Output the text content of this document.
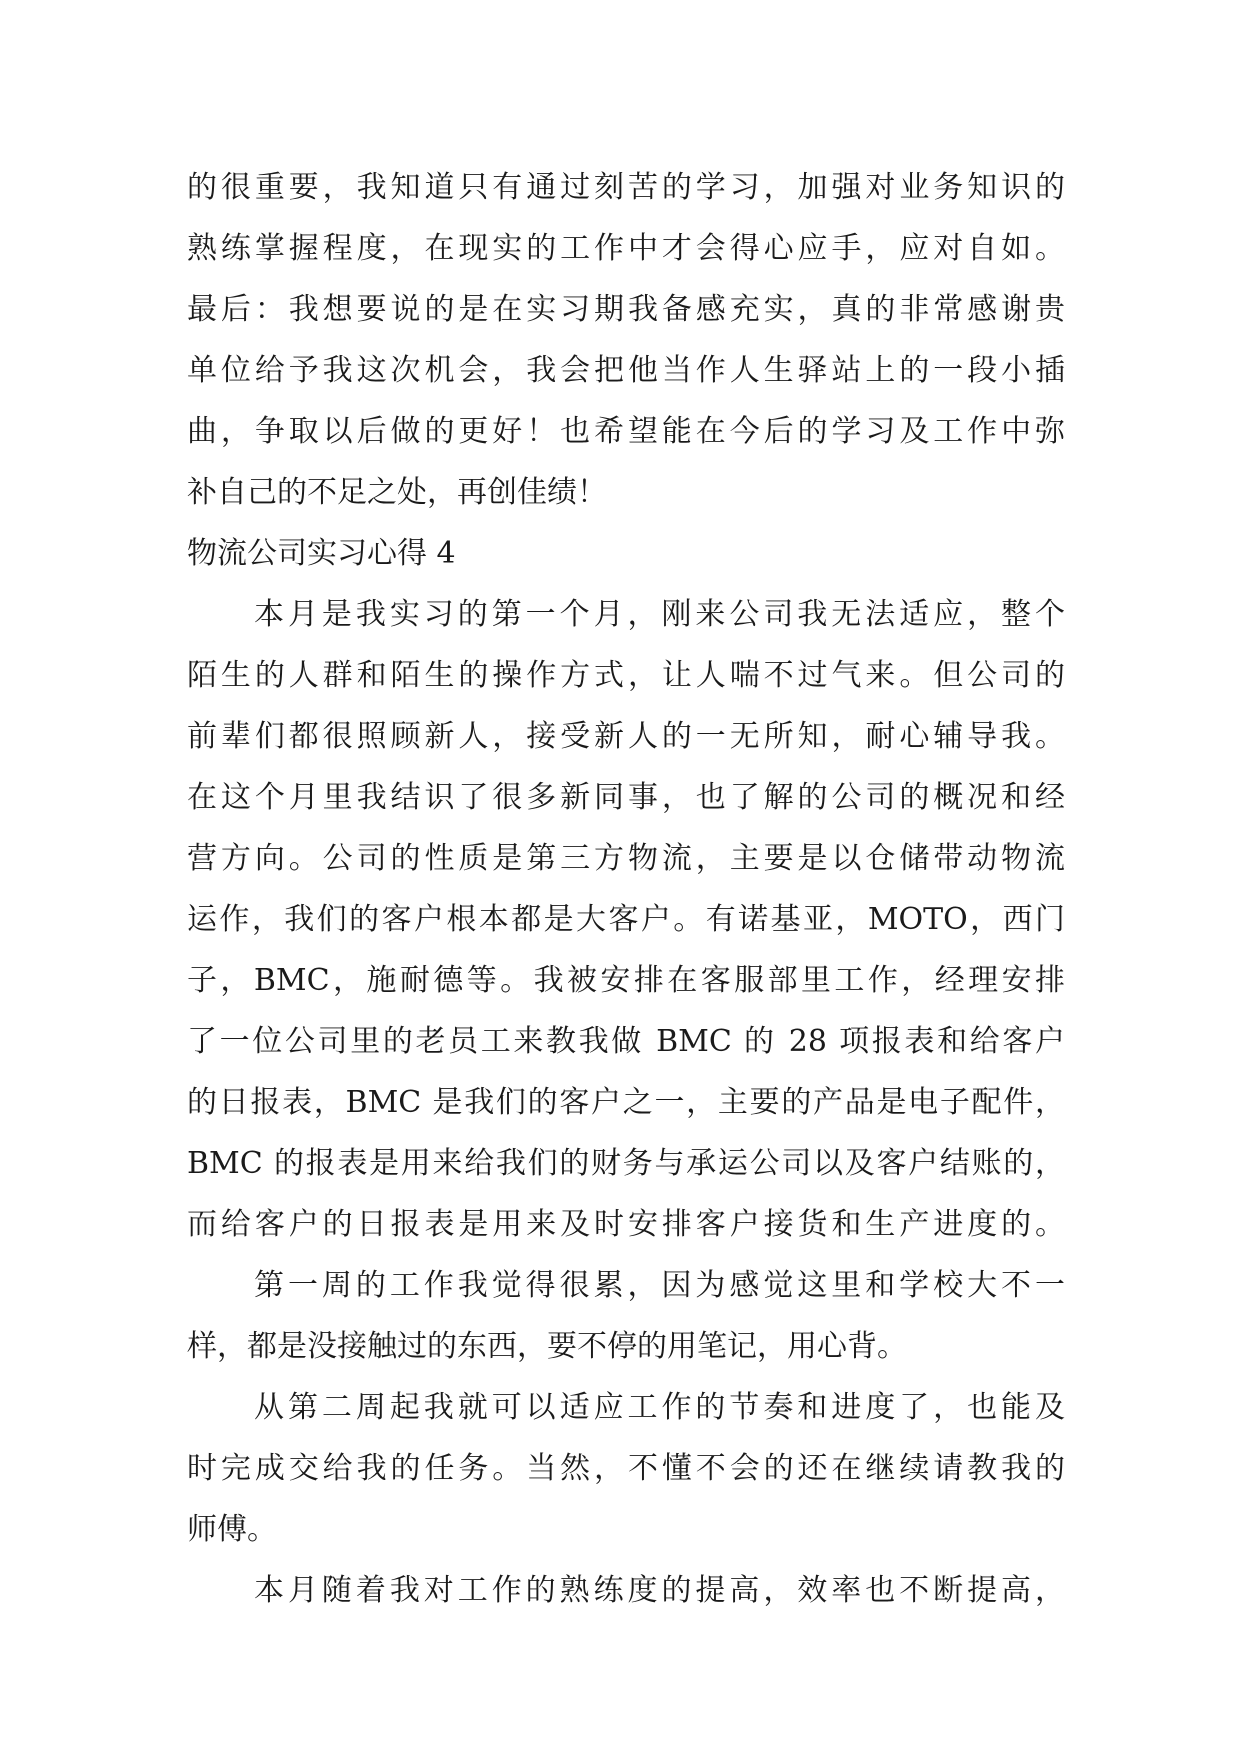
的很重要，我知道只有通过刻苦的学习，加强对业务知识的
熟练掌握程度，在现实的工作中才会得心应手，应对自如。
最后：我想要说的是在实习期我备感充实，真的非常感谢贵
单位给予我这次机会，我会把他当作人生驿站上的一段小插
曲，争取以后做的更好！也希望能在今后的学习及工作中弥
补自己的不足之处，再创佳绩！
物流公司实习心得 4
本月是我实习的第一个月，刚来公司我无法适应，整个
陌生的人群和陌生的操作方式，让人喘不过气来。但公司的
前辈们都很照顾新人，接受新人的一无所知，耐心辅导我。
在这个月里我结识了很多新同事，也了解的公司的概况和经
营方向。公司的性质是第三方物流，主要是以仓储带动物流
运作，我们的客户根本都是大客户。有诺基亚，MOTO，西门
子，BMC，施耐德等。我被安排在客服部里工作，经理安排
了一位公司里的老员工来教我做 BMC 的 28 项报表和给客户
的日报表，BMC 是我们的客户之一，主要的产品是电子配件，
BMC 的报表是用来给我们的财务与承运公司以及客户结账的，
而给客户的日报表是用来及时安排客户接货和生产进度的。
第一周的工作我觉得很累，因为感觉这里和学校大不一
样，都是没接触过的东西，要不停的用笔记，用心背。
从第二周起我就可以适应工作的节奏和进度了，也能及
时完成交给我的任务。当然，不懂不会的还在继续请教我的
师傅。
本月随着我对工作的熟练度的提高，效率也不断提高，
